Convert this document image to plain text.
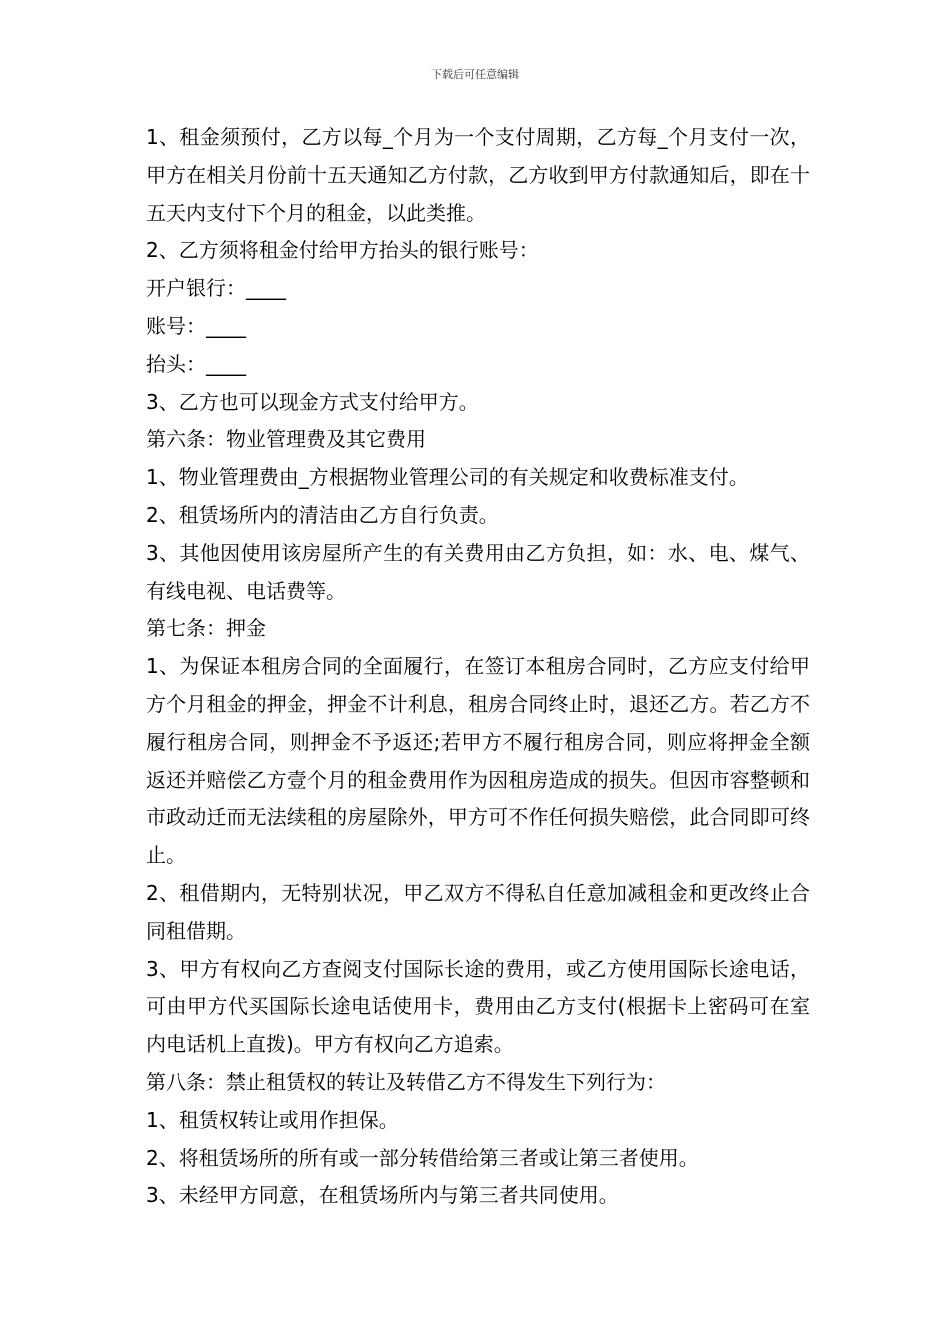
下载后可任意编辑

1、租金须预付，乙方以每_个月为一个支付周期，乙方每_个月支付一次，甲方在相关月份前十五天通知乙方付款，乙方收到甲方付款通知后，即在十五天内支付下个月的租金，以此类推。

2、乙方须将租金付给甲方抬头的银行账号：

开户银行：____

账号：____

抬头：____

3、乙方也可以现金方式支付给甲方。

第六条：物业管理费及其它费用

1、物业管理费由_方根据物业管理公司的有关规定和收费标准支付。

2、租赁场所内的清洁由乙方自行负责。

3、其他因使用该房屋所产生的有关费用由乙方负担，如：水、电、煤气、有线电视、电话费等。

第七条：押金

1、为保证本租房合同的全面履行，在签订本租房合同时，乙方应支付给甲方个月租金的押金，押金不计利息，租房合同终止时，退还乙方。若乙方不履行租房合同，则押金不予返还;若甲方不履行租房合同，则应将押金全额返还并赔偿乙方壹个月的租金费用作为因租房造成的损失。但因市容整顿和市政动迁而无法续租的房屋除外，甲方可不作任何损失赔偿，此合同即可终止。

2、租借期内，无特别状况，甲乙双方不得私自任意加减租金和更改终止合同租借期。

3、甲方有权向乙方查阅支付国际长途的费用，或乙方使用国际长途电话，可由甲方代买国际长途电话使用卡，费用由乙方支付(根据卡上密码可在室内电话机上直拨)。甲方有权向乙方追索。

第八条：禁止租赁权的转让及转借乙方不得发生下列行为：

1、租赁权转让或用作担保。

2、将租赁场所的所有或一部分转借给第三者或让第三者使用。

3、未经甲方同意，在租赁场所内与第三者共同使用。
